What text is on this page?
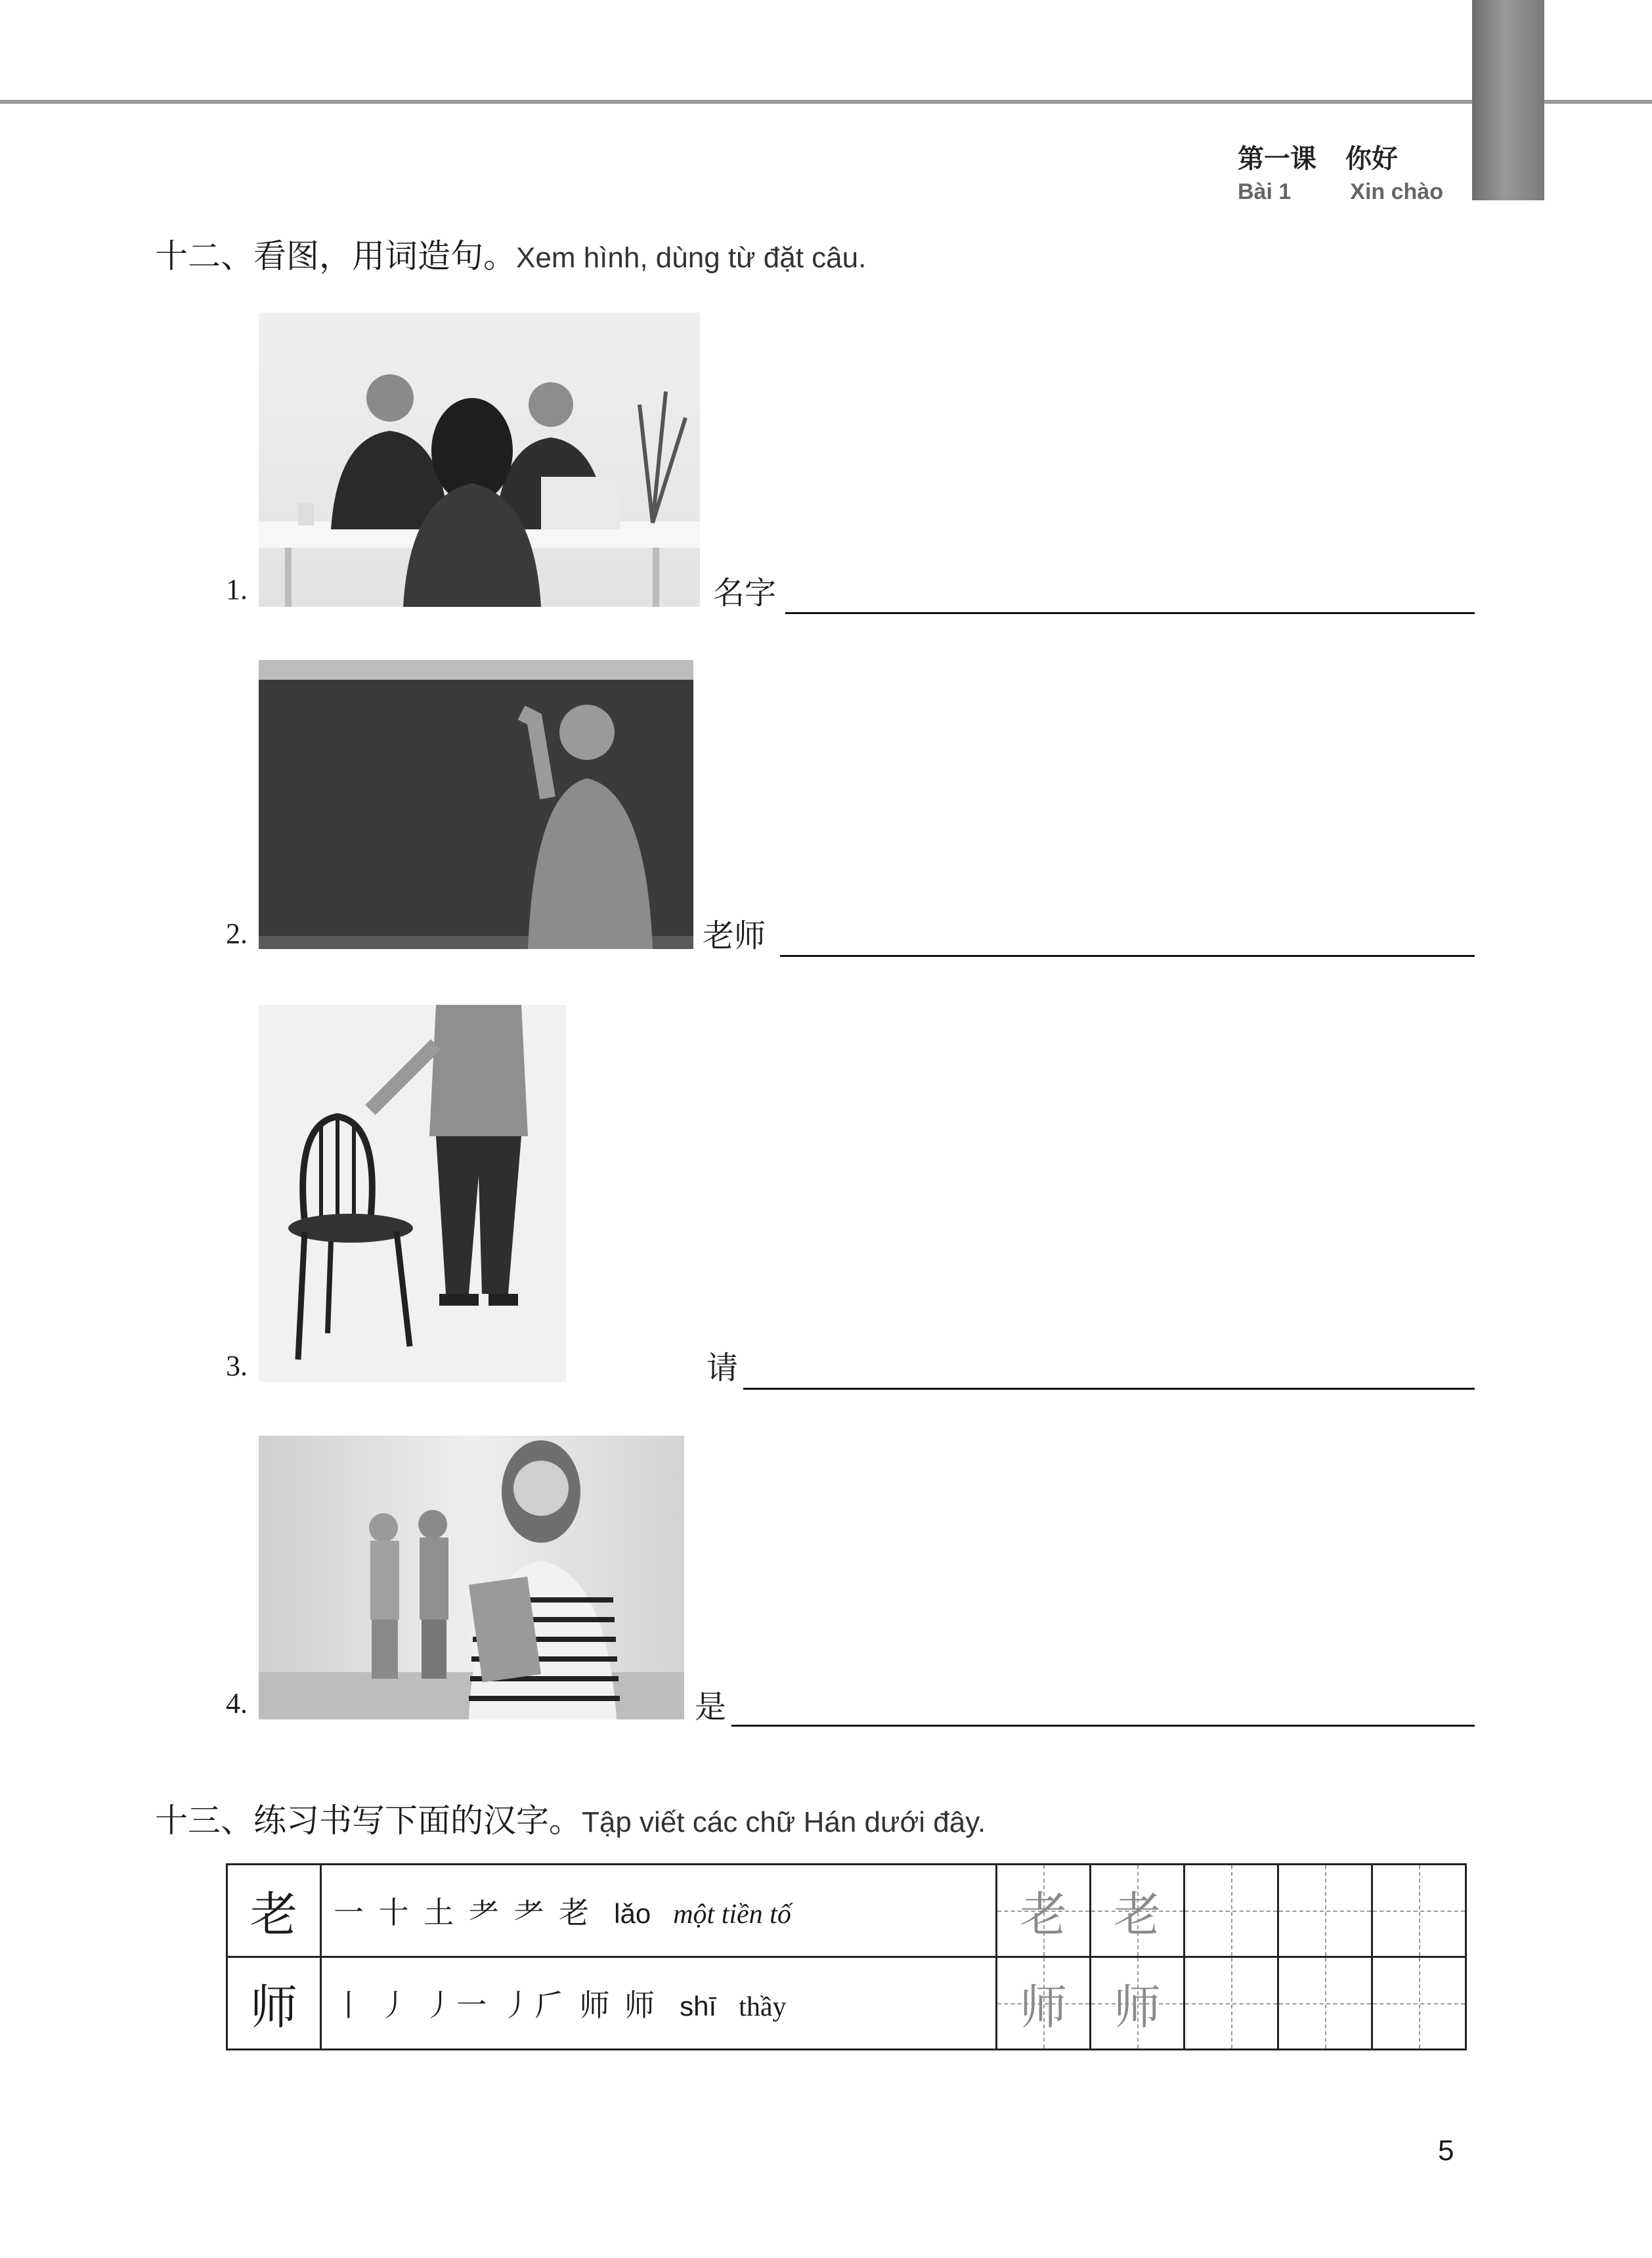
第一课 你好
Bài 1	Xin chào
十二、看图，用词造句。Xem hình, dùng từ đặt câu.
1.	名字
2.	老师
3.	请
4.	是
十三、练习书写下面的汉字。Tập viết các chữ Hán dưới đây.
老	一 十 土 耂 耂 老 lǎo một tiền tố	老	老	

师	丨 丿 丿一 丿𠂆 师 师 shī thầy	师	师	

5
